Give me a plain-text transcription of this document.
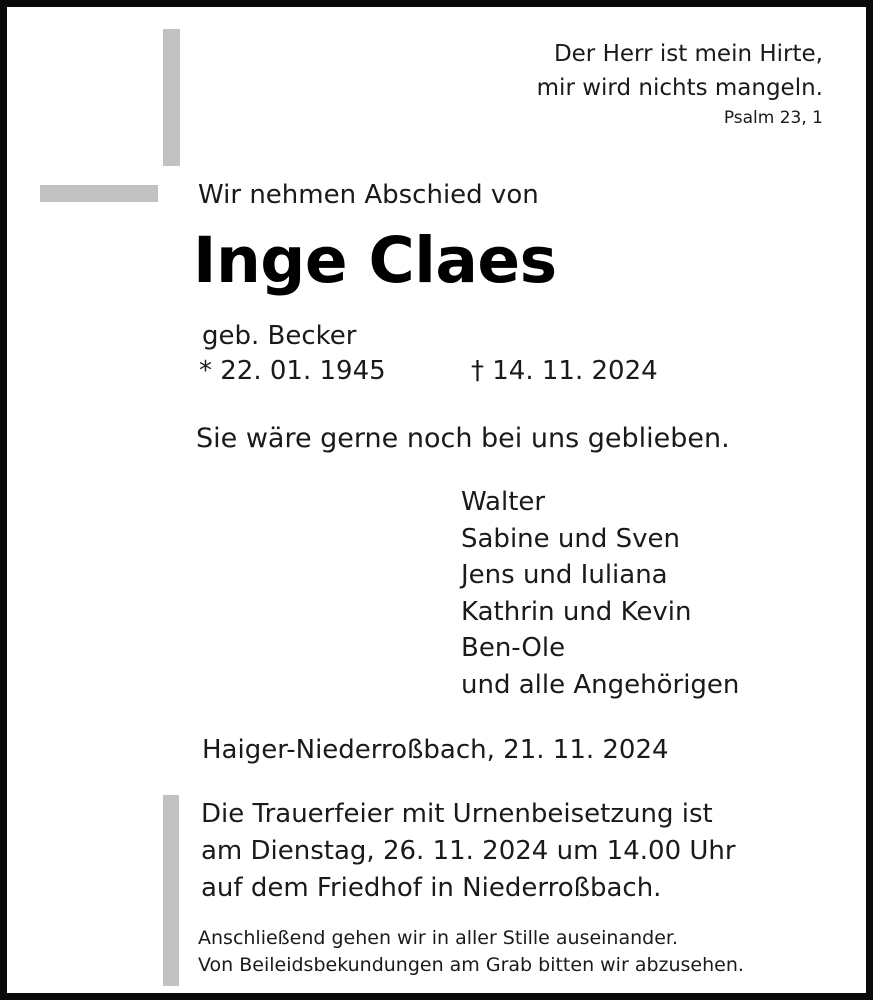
Der Herr ist mein Hirte,
mir wird nichts mangeln.
Psalm 23, 1
Wir nehmen Abschied von
Inge Claes
geb. Becker
* 22. 01. 1945	† 14. 11. 2024
Sie wäre gerne noch bei uns geblieben.
Walter
Sabine und Sven
Jens und Iuliana
Kathrin und Kevin
Ben-Ole
und alle Angehörigen
Haiger-Niederroßbach, 21. 11. 2024
Die Trauerfeier mit Urnenbeisetzung ist
am Dienstag, 26. 11. 2024 um 14.00 Uhr
auf dem Friedhof in Niederroßbach.
Anschließend gehen wir in aller Stille auseinander.
Von Beileidsbekundungen am Grab bitten wir abzusehen.
